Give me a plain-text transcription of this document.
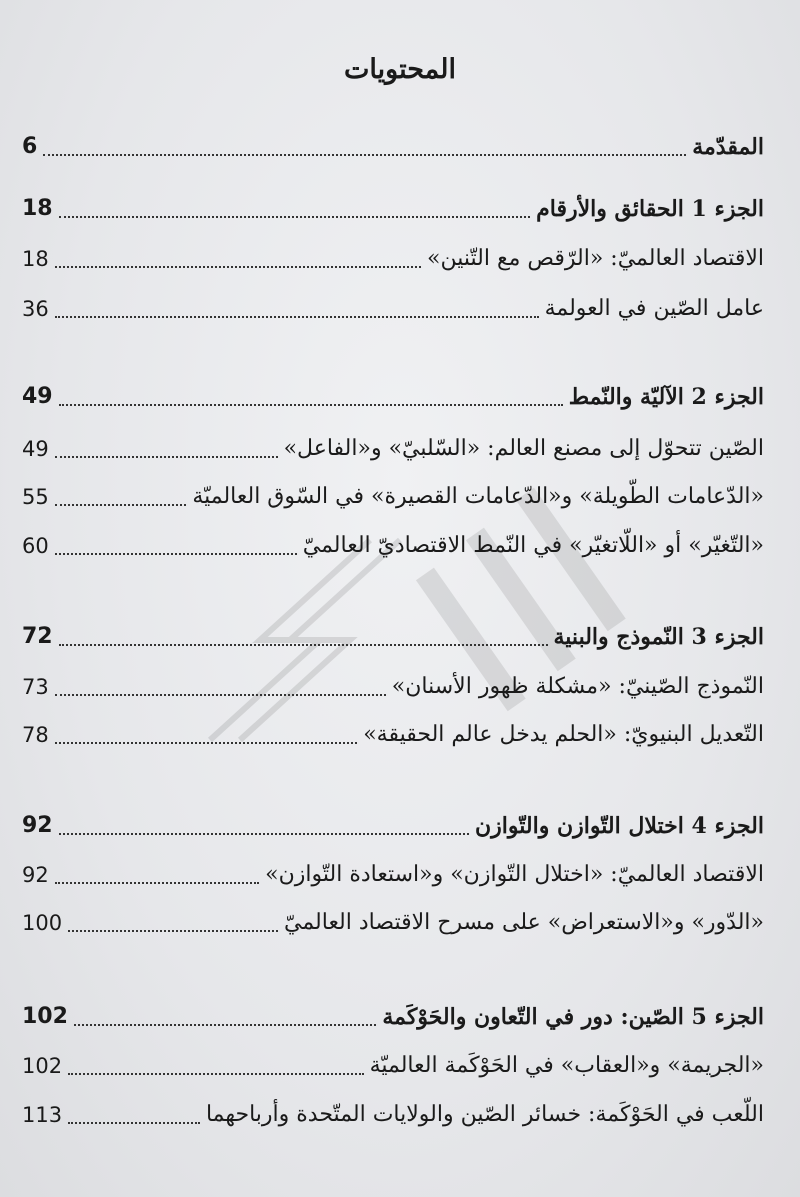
المحتويات
المقدّمة
6
الجزء 1 الحقائق والأرقام
18
الاقتصاد العالميّ: «الرّقص مع التّنين»
18
عامل الصّين في العولمة
36
الجزء 2 الآليّة والنّمط
49
الصّين تتحوّل إلى مصنع العالم: «السّلبيّ» و«الفاعل»
49
«الدّعامات الطّويلة» و«الدّعامات القصيرة» في السّوق العالميّة
55
«التّغيّر» أو «اللّاتغيّر» في النّمط الاقتصاديّ العالميّ
60
الجزء 3 النّموذج والبنية
72
النّموذج الصّينيّ: «مشكلة ظهور الأسنان»
73
التّعديل البنيويّ: «الحلم يدخل عالم الحقيقة»
78
الجزء 4 اختلال التّوازن والتّوازن
92
الاقتصاد العالميّ: «اختلال التّوازن» و«استعادة التّوازن»
92
«الدّور» و«الاستعراض» على مسرح الاقتصاد العالميّ
100
الجزء 5 الصّين: دور في التّعاون والحَوْكَمة
102
«الجريمة» و«العقاب» في الحَوْكَمة العالميّة
102
اللّعب في الحَوْكَمة: خسائر الصّين والولايات المتّحدة وأرباحهما
113
